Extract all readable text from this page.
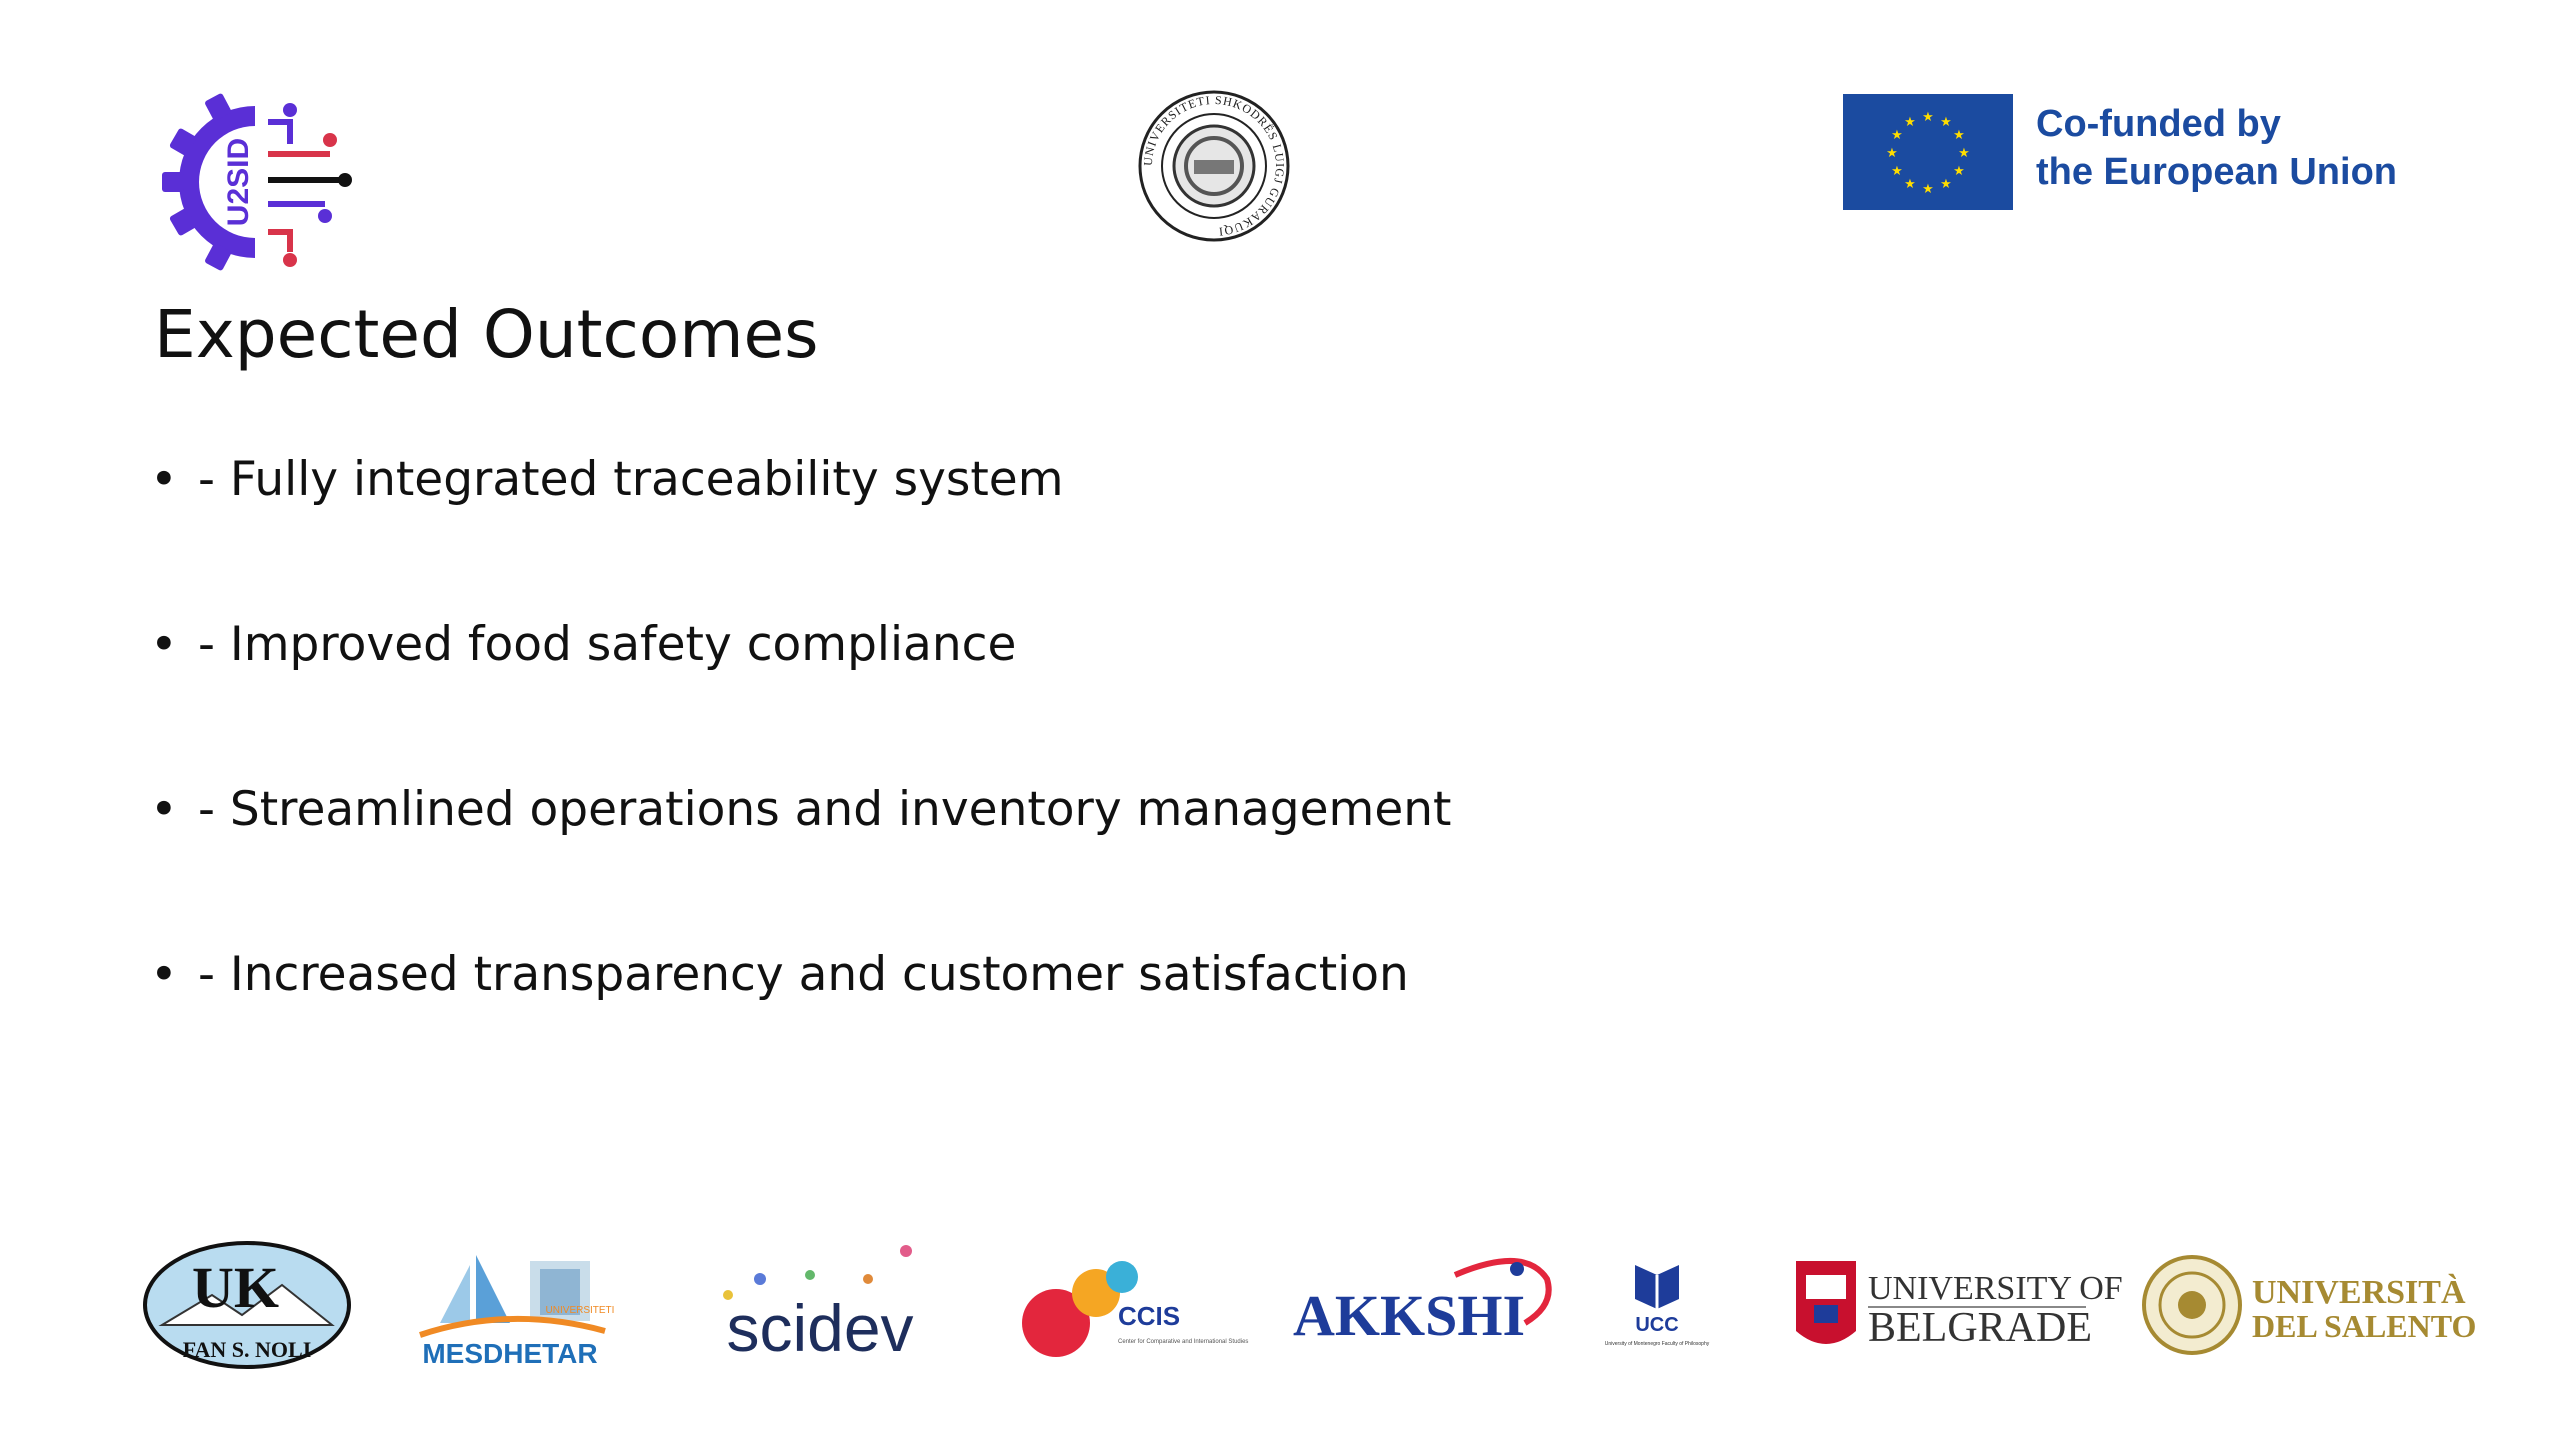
U2SID	UNIVERSITETI SHKODRËS LUIGJ GURAKUQI
★ ★
★
★
★
★
★
★
★
★
★
★	Co-funded by
the European Union
Expected Outcomes
• - Fully integrated traceability system
• - Improved food safety compliance
• - Streamlined operations and inventory management
• - Increased transparency and customer satisfaction
UK
FAN S. NOLI
UNIVERSITETI
MESDHETAR scidev	CCIS
Center for Comparative and International Studies AKKSHI	UCC
University of Montenegro Faculty of Philosophy
UNIVERSITY OF
BELGRADE
UNIVERSITÀ
DEL SALENTO
